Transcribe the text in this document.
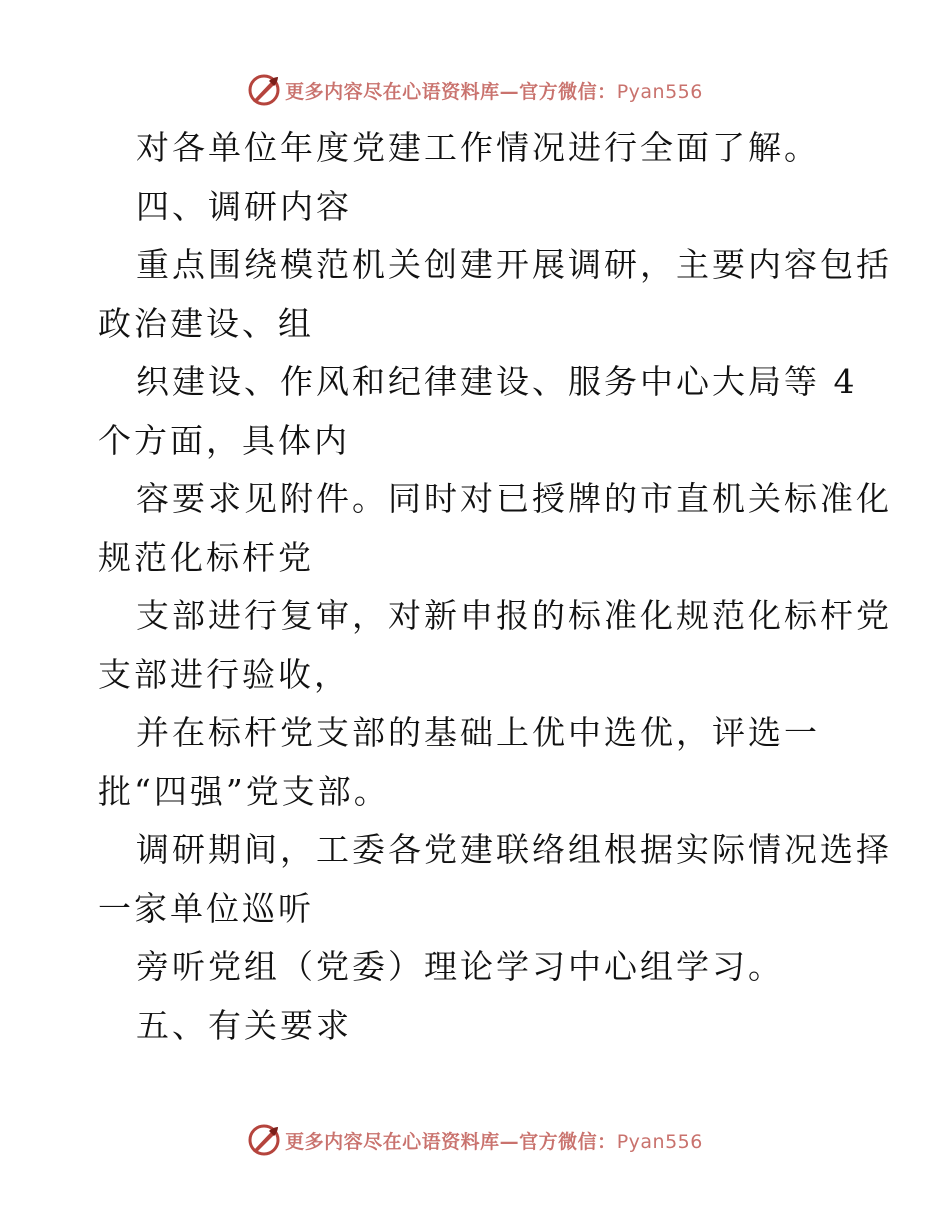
更多内容尽在心语资料库—官方微信：Pyan556
对各单位年度党建工作情况进行全面了解。
四、调研内容
重点围绕模范机关创建开展调研，主要内容包括
政治建设、组
织建设、作风和纪律建设、服务中心大局等 4
个方面，具体内
容要求见附件。同时对已授牌的市直机关标准化
规范化标杆党
支部进行复审，对新申报的标准化规范化标杆党
支部进行验收，
并在标杆党支部的基础上优中选优，评选一
批“四强”党支部。
调研期间，工委各党建联络组根据实际情况选择
一家单位巡听
旁听党组（党委）理论学习中心组学习。
五、有关要求
更多内容尽在心语资料库—官方微信：Pyan556
